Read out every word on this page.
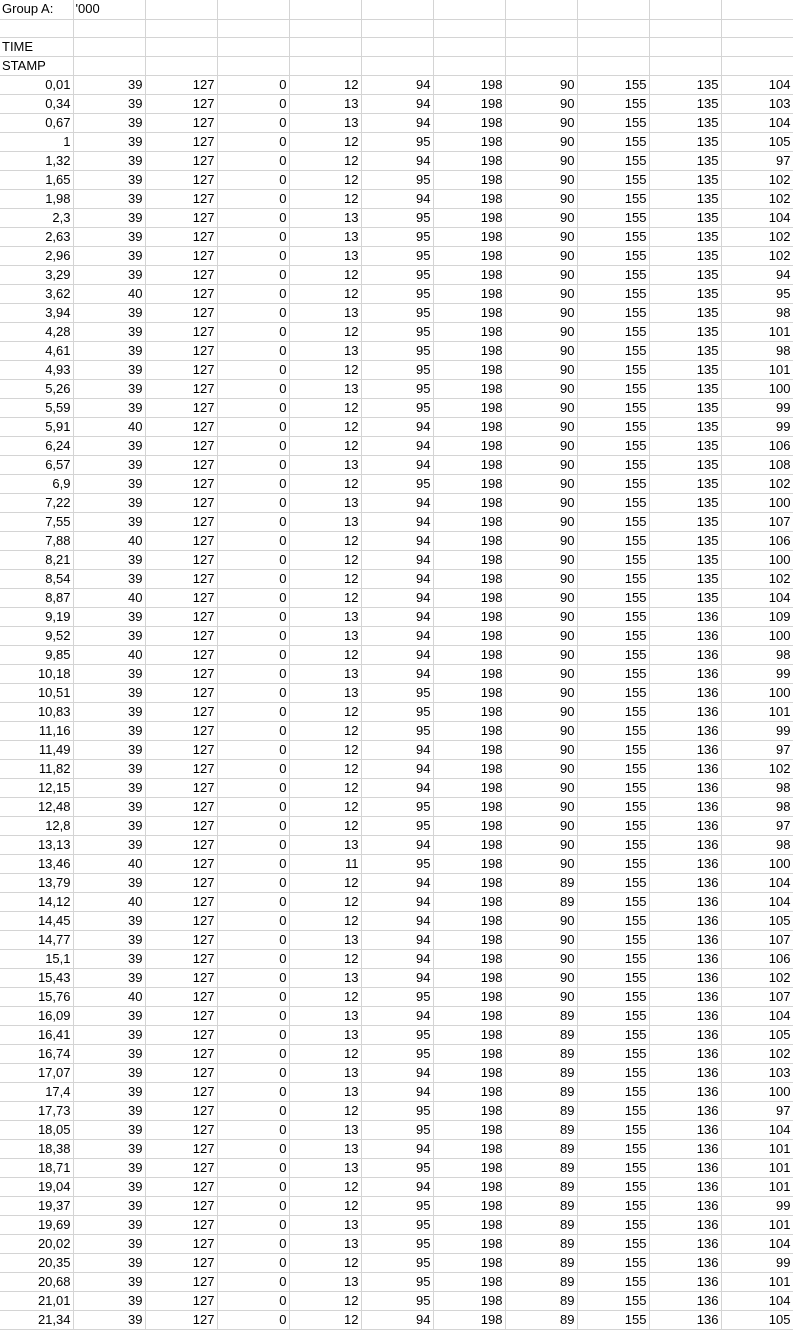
Group A:	'000									

TIME										
STAMP										
0,01	39	127	0	12	94	198	90	155	135	104
0,34	39	127	0	13	94	198	90	155	135	103
0,67	39	127	0	13	94	198	90	155	135	104
1	39	127	0	12	95	198	90	155	135	105
1,32	39	127	0	12	94	198	90	155	135	97
1,65	39	127	0	12	95	198	90	155	135	102
1,98	39	127	0	12	94	198	90	155	135	102
2,3	39	127	0	13	95	198	90	155	135	104
2,63	39	127	0	13	95	198	90	155	135	102
2,96	39	127	0	13	95	198	90	155	135	102
3,29	39	127	0	12	95	198	90	155	135	94
3,62	40	127	0	12	95	198	90	155	135	95
3,94	39	127	0	13	95	198	90	155	135	98
4,28	39	127	0	12	95	198	90	155	135	101
4,61	39	127	0	13	95	198	90	155	135	98
4,93	39	127	0	12	95	198	90	155	135	101
5,26	39	127	0	13	95	198	90	155	135	100
5,59	39	127	0	12	95	198	90	155	135	99
5,91	40	127	0	12	94	198	90	155	135	99
6,24	39	127	0	12	94	198	90	155	135	106
6,57	39	127	0	13	94	198	90	155	135	108
6,9	39	127	0	12	95	198	90	155	135	102
7,22	39	127	0	13	94	198	90	155	135	100
7,55	39	127	0	13	94	198	90	155	135	107
7,88	40	127	0	12	94	198	90	155	135	106
8,21	39	127	0	12	94	198	90	155	135	100
8,54	39	127	0	12	94	198	90	155	135	102
8,87	40	127	0	12	94	198	90	155	135	104
9,19	39	127	0	13	94	198	90	155	136	109
9,52	39	127	0	13	94	198	90	155	136	100
9,85	40	127	0	12	94	198	90	155	136	98
10,18	39	127	0	13	94	198	90	155	136	99
10,51	39	127	0	13	95	198	90	155	136	100
10,83	39	127	0	12	95	198	90	155	136	101
11,16	39	127	0	12	95	198	90	155	136	99
11,49	39	127	0	12	94	198	90	155	136	97
11,82	39	127	0	12	94	198	90	155	136	102
12,15	39	127	0	12	94	198	90	155	136	98
12,48	39	127	0	12	95	198	90	155	136	98
12,8	39	127	0	12	95	198	90	155	136	97
13,13	39	127	0	13	94	198	90	155	136	98
13,46	40	127	0	11	95	198	90	155	136	100
13,79	39	127	0	12	94	198	89	155	136	104
14,12	40	127	0	12	94	198	89	155	136	104
14,45	39	127	0	12	94	198	90	155	136	105
14,77	39	127	0	13	94	198	90	155	136	107
15,1	39	127	0	12	94	198	90	155	136	106
15,43	39	127	0	13	94	198	90	155	136	102
15,76	40	127	0	12	95	198	90	155	136	107
16,09	39	127	0	13	94	198	89	155	136	104
16,41	39	127	0	13	95	198	89	155	136	105
16,74	39	127	0	12	95	198	89	155	136	102
17,07	39	127	0	13	94	198	89	155	136	103
17,4	39	127	0	13	94	198	89	155	136	100
17,73	39	127	0	12	95	198	89	155	136	97
18,05	39	127	0	13	95	198	89	155	136	104
18,38	39	127	0	13	94	198	89	155	136	101
18,71	39	127	0	13	95	198	89	155	136	101
19,04	39	127	0	12	94	198	89	155	136	101
19,37	39	127	0	12	95	198	89	155	136	99
19,69	39	127	0	13	95	198	89	155	136	101
20,02	39	127	0	13	95	198	89	155	136	104
20,35	39	127	0	12	95	198	89	155	136	99
20,68	39	127	0	13	95	198	89	155	136	101
21,01	39	127	0	12	95	198	89	155	136	104
21,34	39	127	0	12	94	198	89	155	136	105
